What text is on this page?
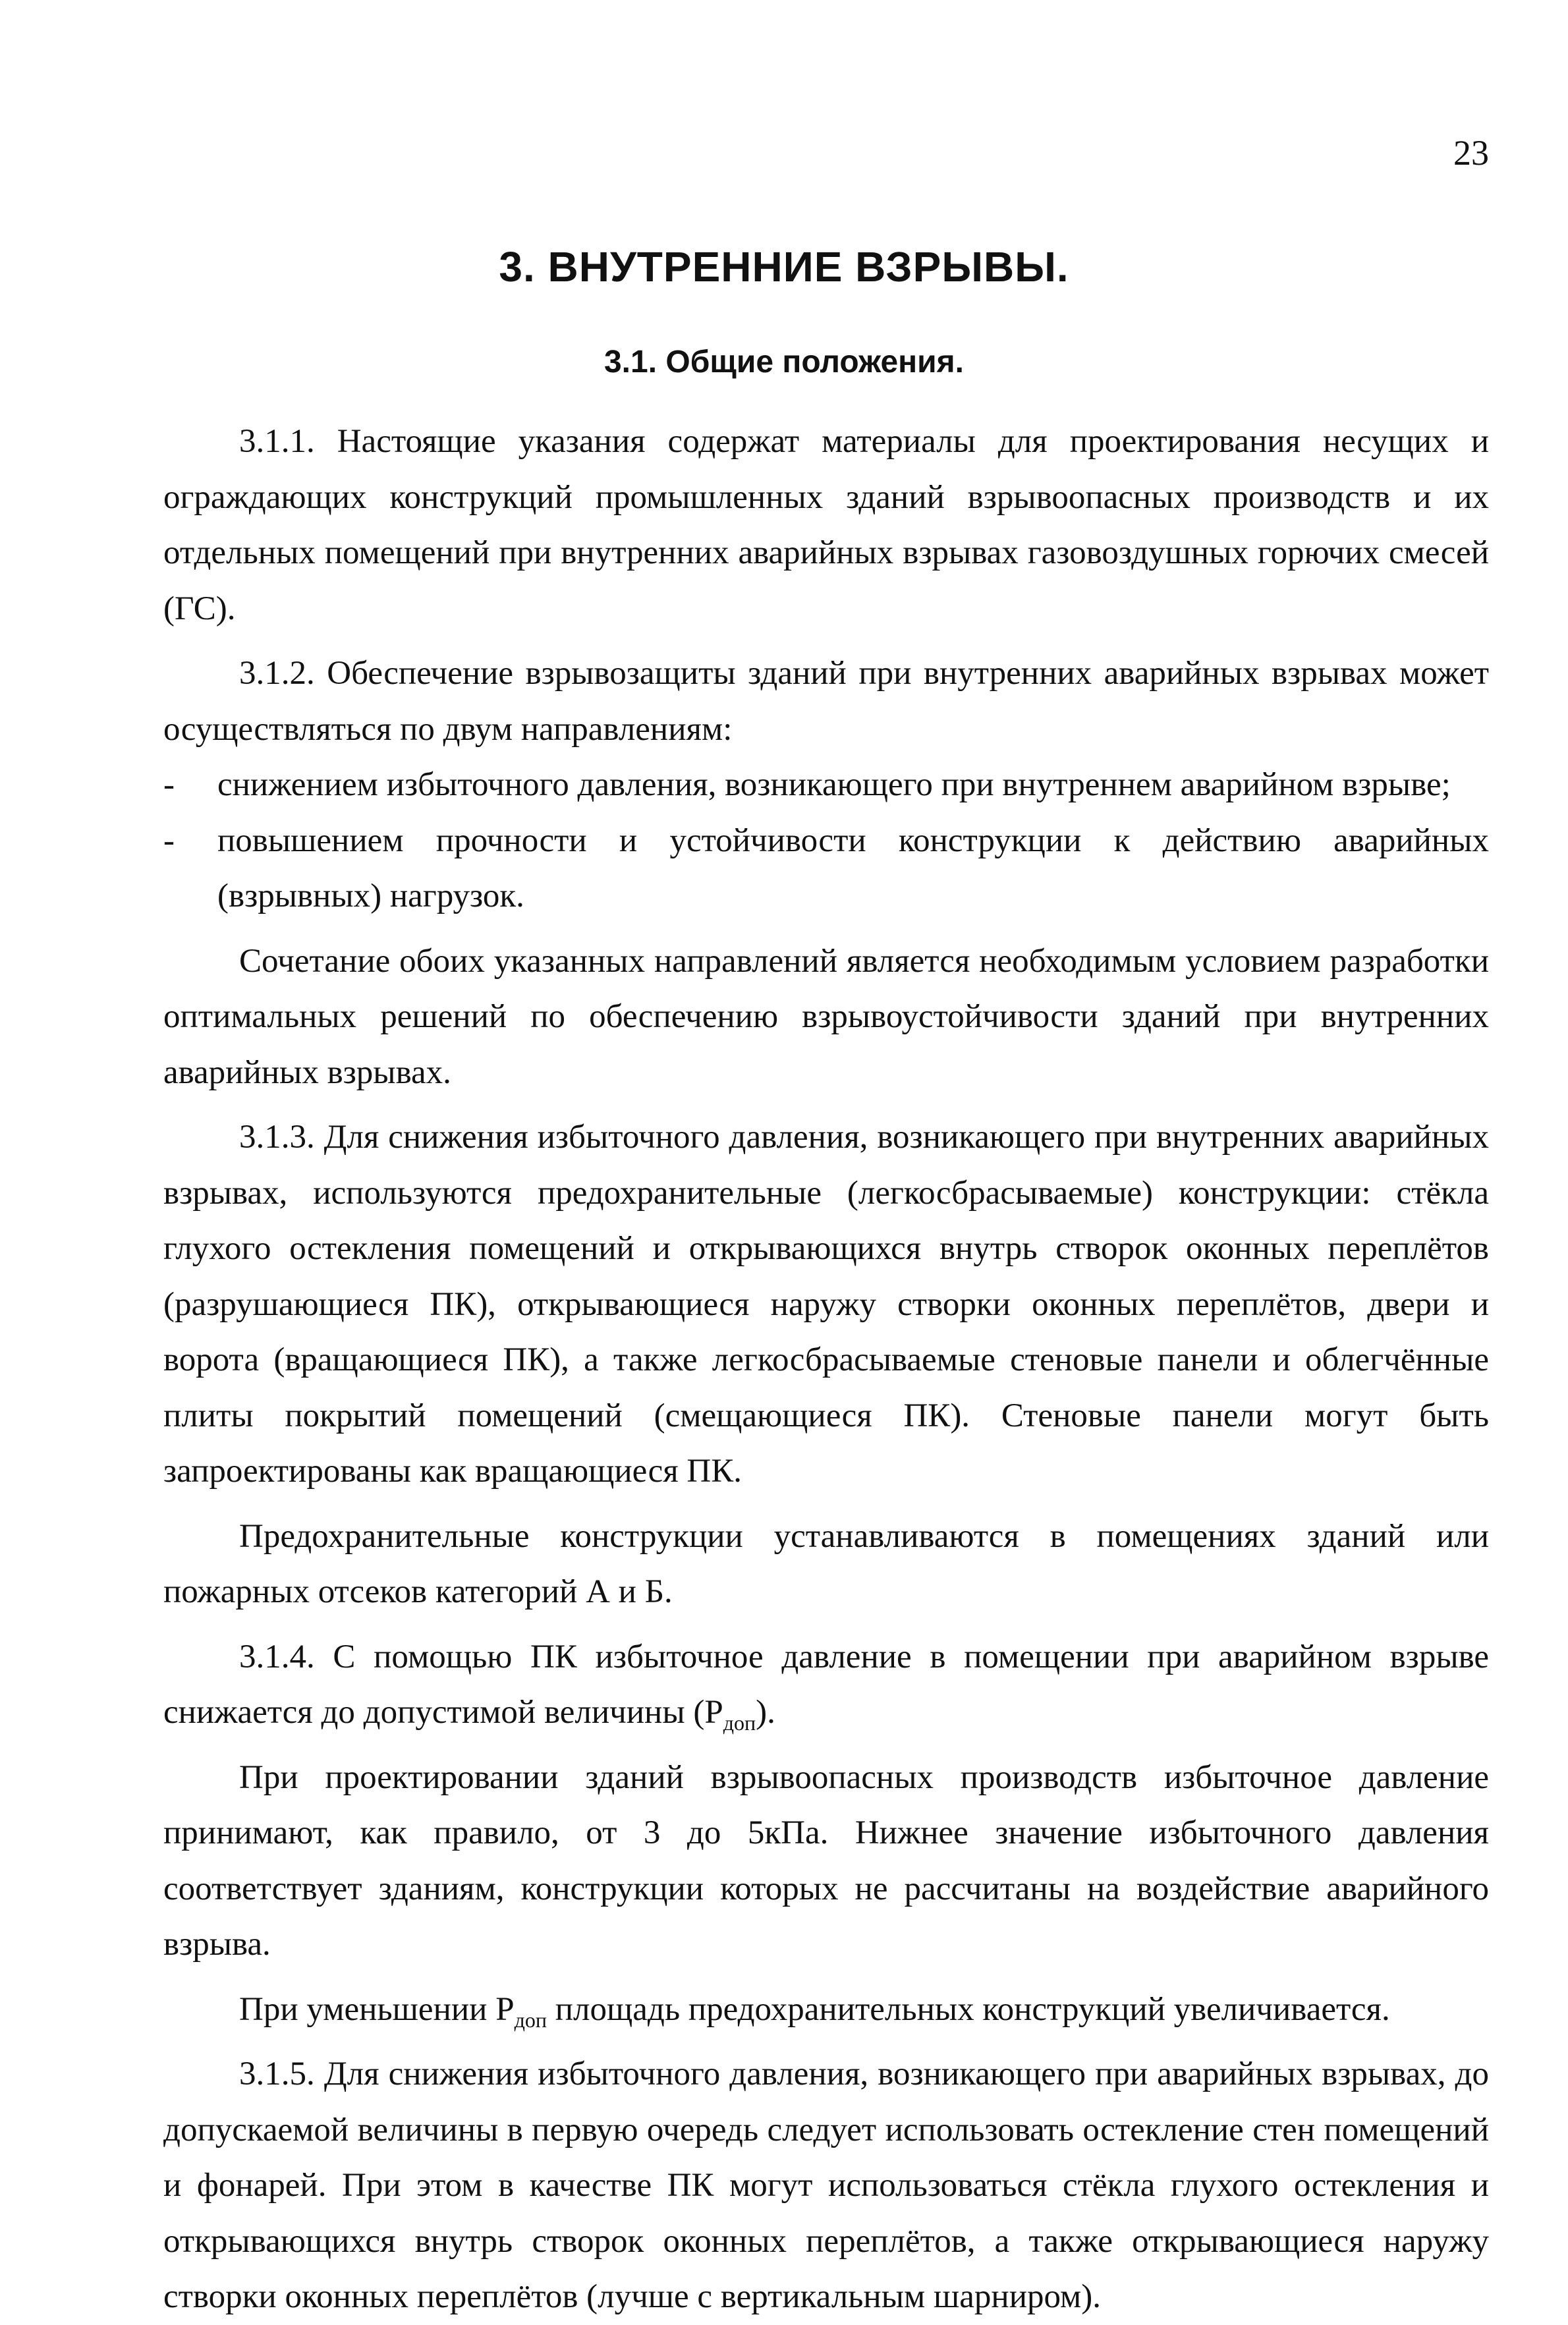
23
3. ВНУТРЕННИЕ ВЗРЫВЫ.
3.1. Общие положения.

3.1.1. Настоящие указания содержат материалы для проектирования несущих и ограждающих конструкций промышленных зданий взрывоопасных производств и их отдельных помещений при внутренних аварийных взрывах газовоздушных горючих смесей (ГС).

3.1.2. Обеспечение взрывозащиты зданий при внутренних аварийных взрывах может осуществляться по двум направлениям:

- снижением избыточного давления, возникающего при внутреннем аварийном взрыве;
- повышением прочности и устойчивости конструкции к действию аварийных (взрывных) нагрузок.

Сочетание обоих указанных направлений является необходимым условием разработки оптимальных решений по обеспечению взрывоустойчивости зданий при внутренних аварийных взрывах.

3.1.3. Для снижения избыточного давления, возникающего при внутренних аварийных взрывах, используются предохранительные (легкосбрасываемые) конструкции: стёкла глухого остекления помещений и открывающихся внутрь створок оконных переплётов (разрушающиеся ПК), открывающиеся наружу створки оконных переплётов, двери и ворота (вращающиеся ПК), а также легкосбрасываемые стеновые панели и облегчённые плиты покрытий помещений (смещающиеся ПК). Стеновые панели могут быть запроектированы как вращающиеся ПК.

Предохранительные конструкции устанавливаются в помещениях зданий или пожарных отсеков категорий А и Б.

3.1.4. С помощью ПК избыточное давление в помещении при аварийном взрыве снижается до допустимой величины $(P_{доп})$.

При проектировании зданий взрывоопасных производств избыточное давление принимают, как правило, от 3 до 5кПа. Нижнее значение избыточного давления соответствует зданиям, конструкции которых не рассчитаны на воздействие аварийного взрыва.

При уменьшении $P_{доп}$ площадь предохранительных конструкций увеличивается.

3.1.5. Для снижения избыточного давления, возникающего при аварийных взрывах, до допускаемой величины в первую очередь следует использовать остекление стен помещений и фонарей. При этом в качестве ПК могут использоваться стёкла глухого остекления и открывающихся внутрь створок оконных переплётов, а также открывающиеся наружу створки оконных переплётов (лучше с вертикальным шарниром).
